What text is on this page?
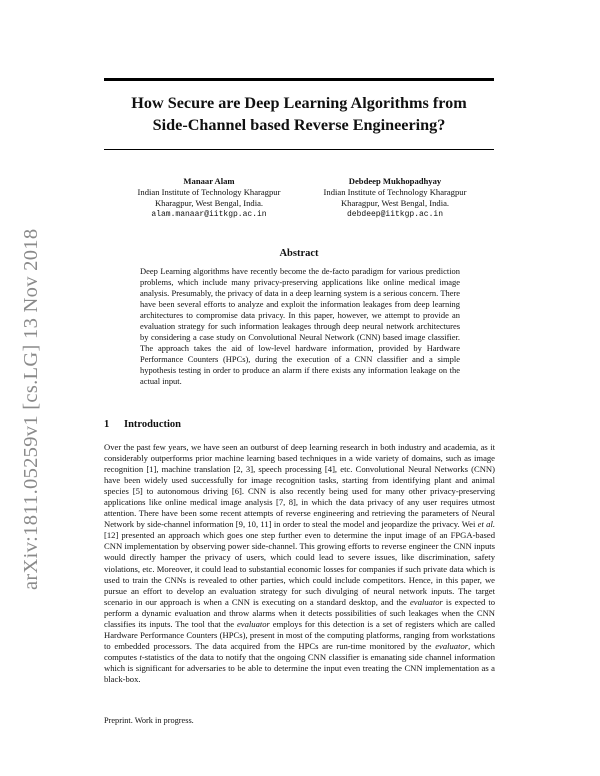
arXiv:1811.05259v1 [cs.LG] 13 Nov 2018
How Secure are Deep Learning Algorithms from
Side-Channel based Reverse Engineering?
Manaar Alam
Indian Institute of Technology Kharagpur
Kharagpur, West Bengal, India.
alam.manaar@iitkgp.ac.in
Debdeep Mukhopadhyay
Indian Institute of Technology Kharagpur
Kharagpur, West Bengal, India.
debdeep@iitkgp.ac.in
Abstract

Deep Learning algorithms have recently become the de-facto paradigm for various prediction problems, which include many privacy-preserving applications like online medical image analysis. Presumably, the privacy of data in a deep learning system is a serious concern. There have been several efforts to analyze and exploit the information leakages from deep learning architectures to compromise data privacy. In this paper, however, we attempt to provide an evaluation strategy for such information leakages through deep neural network architectures by considering a case study on Convolutional Neural Network (CNN) based image classifier. The approach takes the aid of low-level hardware information, provided by Hardware Performance Counters (HPCs), during the execution of a CNN classifier and a simple hypothesis testing in order to produce an alarm if there exists any information leakage on the actual input.

1 Introduction

Over the past few years, we have seen an outburst of deep learning research in both industry and academia, as it considerably outperforms prior machine learning based techniques in a wide variety of domains, such as image recognition [1], machine translation [2, 3], speech processing [4], etc. Convolutional Neural Networks (CNN) have been widely used successfully for image recognition tasks, starting from identifying plant and animal species [5] to autonomous driving [6]. CNN is also recently being used for many other privacy-preserving applications like online medical image analysis [7, 8], in which the data privacy of any user requires utmost attention. There have been some recent attempts of reverse engineering and retrieving the parameters of Neural Network by side-channel information [9, 10, 11] in order to steal the model and jeopardize the privacy. Wei et al. [12] presented an approach which goes one step further even to determine the input image of an FPGA-based CNN implementation by observing power side-channel. This growing efforts to reverse engineer the CNN inputs would directly hamper the privacy of users, which could lead to severe issues, like discrimination, safety violations, etc. Moreover, it could lead to substantial economic losses for companies if such private data which is used to train the CNNs is revealed to other parties, which could include competitors. Hence, in this paper, we pursue an effort to develop an evaluation strategy for such divulging of neural network inputs. The target scenario in our approach is when a CNN is executing on a standard desktop, and the evaluator is expected to perform a dynamic evaluation and throw alarms when it detects possibilities of such leakages when the CNN classifies its inputs. The tool that the evaluator employs for this detection is a set of registers which are called Hardware Performance Counters (HPCs), present in most of the computing platforms, ranging from workstations to embedded processors. The data acquired from the HPCs are run-time monitored by the evaluator, which computes t-statistics of the data to notify that the ongoing CNN classifier is emanating side channel information which is significant for adversaries to be able to determine the input even treating the CNN implementation as a black-box.

Preprint. Work in progress.
